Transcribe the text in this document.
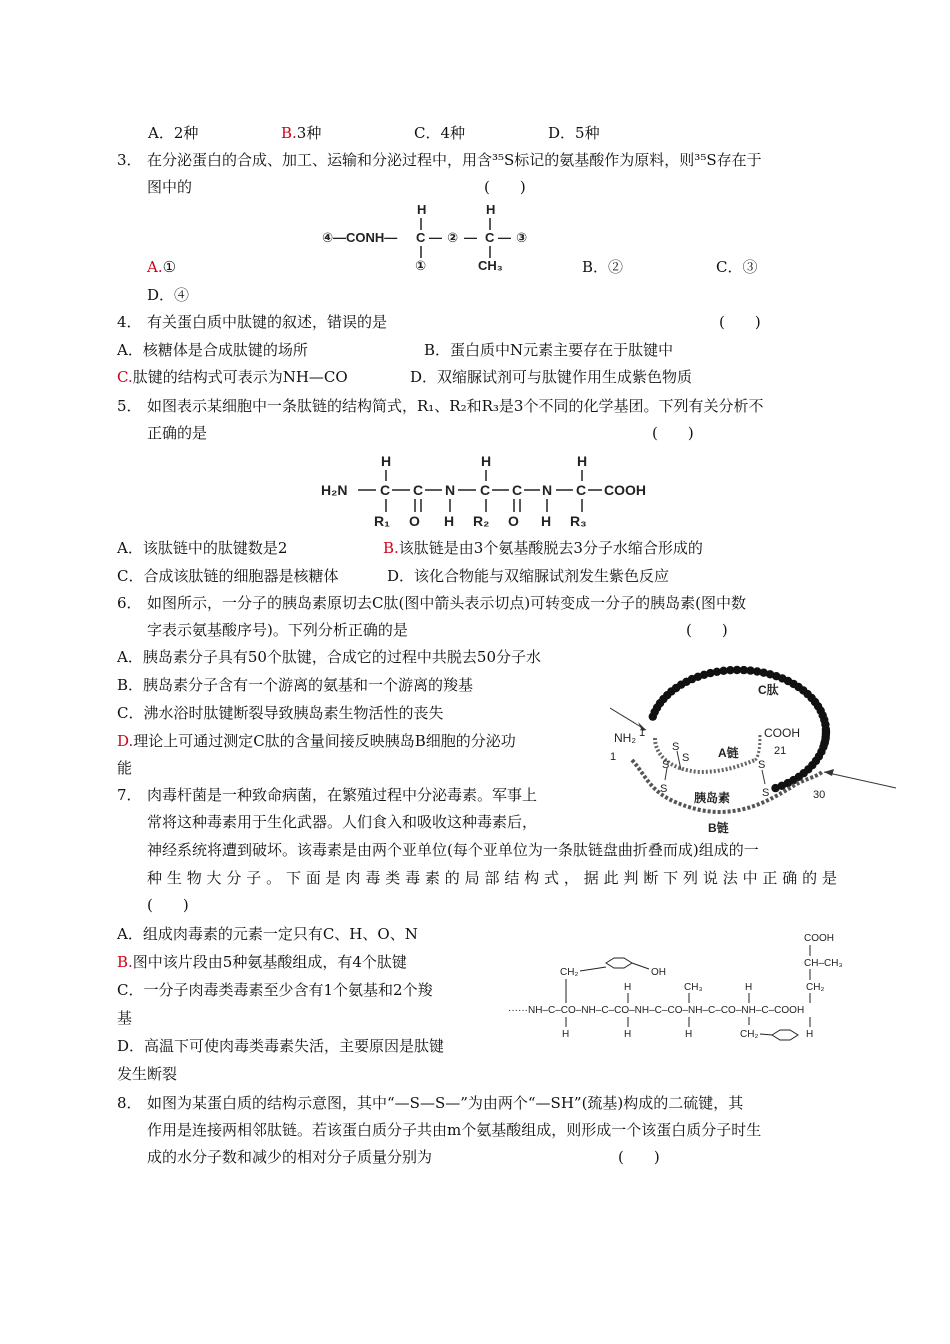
A．2种	B.3种	C．4种	D．5种
3． 在分泌蛋白的合成、加工、运输和分泌过程中，用含³⁵S标记的氨基酸作为原料，则³⁵S存在于
图中的	(　　)
④—CONH—
H
C — ② —
H
C — ③
①	CH₃
A.①	B．②	C．③
D．④
4． 有关蛋白质中肽键的叙述，错误的是	(　　)
A．核糖体是合成肽键的场所	B．蛋白质中N元素主要存在于肽键中
C.肽键的结构式可表示为NH—CO	D．双缩脲试剂可与肽键作用生成紫色物质
5． 如图表示某细胞中一条肽链的结构简式，R₁、R₂和R₃是3个不同的化学基团。下列有关分析不
正确的是	(　　)
H	H	H
H₂N C C N C C N C COOH
R₁ O H R₂ O H R₃
A．该肽链中的肽键数是2	B.该肽链是由3个氨基酸脱去3分子水缩合形成的
C．合成该肽链的细胞器是核糖体	D．该化合物能与双缩脲试剂发生紫色反应
6． 如图所示，一分子的胰岛素原切去C肽(图中箭头表示切点)可转变成一分子的胰岛素(图中数
字表示氨基酸序号)。下列分析正确的是	(　　)
A．胰岛素分子具有50个肽键，合成它的过程中共脱去50分子水
B．胰岛素分子含有一个游离的氨基和一个游离的羧基
C．沸水浴时肽键断裂导致胰岛素生物活性的丧失
D.理论上可通过测定C肽的含量间接反映胰岛B细胞的分泌功
能
C肽
NH₂ 1
1
COOH
21
A链
S
S
S
S
S
S	30
胰岛素
B链
7． 肉毒杆菌是一种致命病菌，在繁殖过程中分泌毒素。军事上
常将这种毒素用于生化武器。人们食入和吸收这种毒素后，
神经系统将遭到破坏。该毒素是由两个亚单位(每个亚单位为一条肽链盘曲折叠而成)组成的一
种生物大分子。下面是肉毒类毒素的局部结构式，据此判断下列说法中正确的是
(　　)
A．组成肉毒素的元素一定只有C、H、O、N
B.图中该片段由5种氨基酸组成，有4个肽键
C．一分子肉毒类毒素至少含有1个氨基和2个羧
基
D．高温下可使肉毒类毒素失活，主要原因是肽键
发生断裂
······NH–C–CO–NH–C–CO–NH–C–CO–NH–C–CO–NH–C–COOH
CH₂	OH
H	CH₃	H
COOH
CH–CH₃
CH₂
H	H	H	CH₂	H
8． 如图为某蛋白质的结构示意图，其中“—S—S—”为由两个“—SH”(巯基)构成的二硫键，其
作用是连接两相邻肽链。若该蛋白质分子共由m个氨基酸组成，则形成一个该蛋白质分子时生
成的水分子数和减少的相对分子质量分别为	(　　)
